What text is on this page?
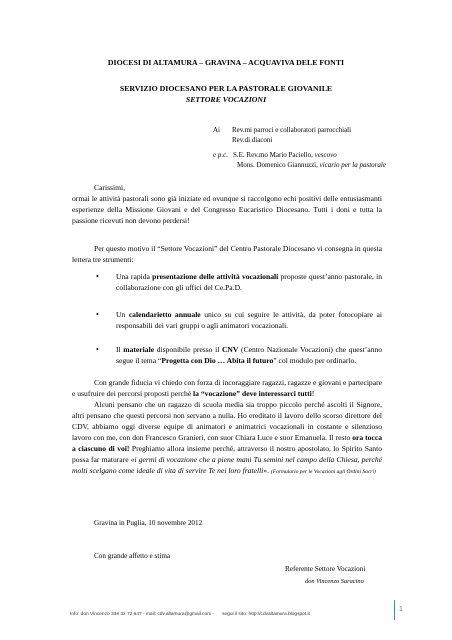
DIOCESI DI ALTAMURA – GRAVINA – ACQUAVIVA DELE FONTI
SERVIZIO DIOCESANO PER LA PASTORALE GIOVANILE
SETTORE VOCAZIONI
Ai Rev.mi parroci e collaboratori parrocchiali
Rev.di diaconi
e p.c. S.E. Rev.mo Mario Paciello, vescovo
Mons. Domenico Giannuzzi, vicario per la pastorale
Carissimi,
ormai le attività pastorali sono già iniziate ed ovunque si raccolgono echi positivi delle entusiasmanti esperienze della Missione Giovani e del Congresso Eucaristico Diocesano. Tutti i doni e tutta la passione ricevuti non devono perdersi!
Per questo motivo il “Settore Vocazioni” del Centro Pastorale Diocesano vi consegna in questa lettera tre strumenti:
• Una rapida presentazione delle attività vocazionali proposte quest’anno pastorale, in collaborazione con gli uffici del Ce.Pa.D.
• Un calendarietto annuale unico su cui seguire le attività, da poter fotocopiare ai responsabili dei vari gruppi o agli animatori vocazionali.
• Il materiale disponibile presso il CNV (Centro Nazionale Vocazioni) che quest’anno segue il tema “Progetta con Dio … Abita il futuro” col modulo per ordinarlo.
Con grande fiducia vi chiedo con forza di incoraggiare ragazzi, ragazze e giovani e partecipare e usufruire dei percorsi proposti perché la “vocazione” deve interessarci tutti!
Alcuni pensano che un ragazzo di scuola media sia troppo piccolo perché ascolti il Signore, altri pensano che questi percorsi non servano a nulla. Ho ereditato il lavoro dello scorso direttore del CDV, abbiamo oggi diverse equipe di animatori e animatrici vocazionali in costante e silenzioso lavoro con me, con don Francesco Granieri, con suor Chiara Luce e suor Emanuela. Il resto ora tocca a ciascuno di voi! Preghiamo allora insieme perché, attraverso il nostro apostolato, lo Spirito Santo possa far maturare «i germi di vocazione che a piene mani Tu semini nel campo della Chiesa, perché molti scelgano come ideale di vita di servire Te nei loro fratelli». (Formulario per le Vocazioni agli Ordini Sacri)
Gravina in Puglia, 10 novembre 2012
Con grande affetto e stima
Referente Settore Vocazioni
don Vincenzo Saracino
Info: don Vincenzo 338 32 72 647 - mail: cdv.altamura@gmail.com - segui il sito: http://cdvaltamura.blogspot.it
1
